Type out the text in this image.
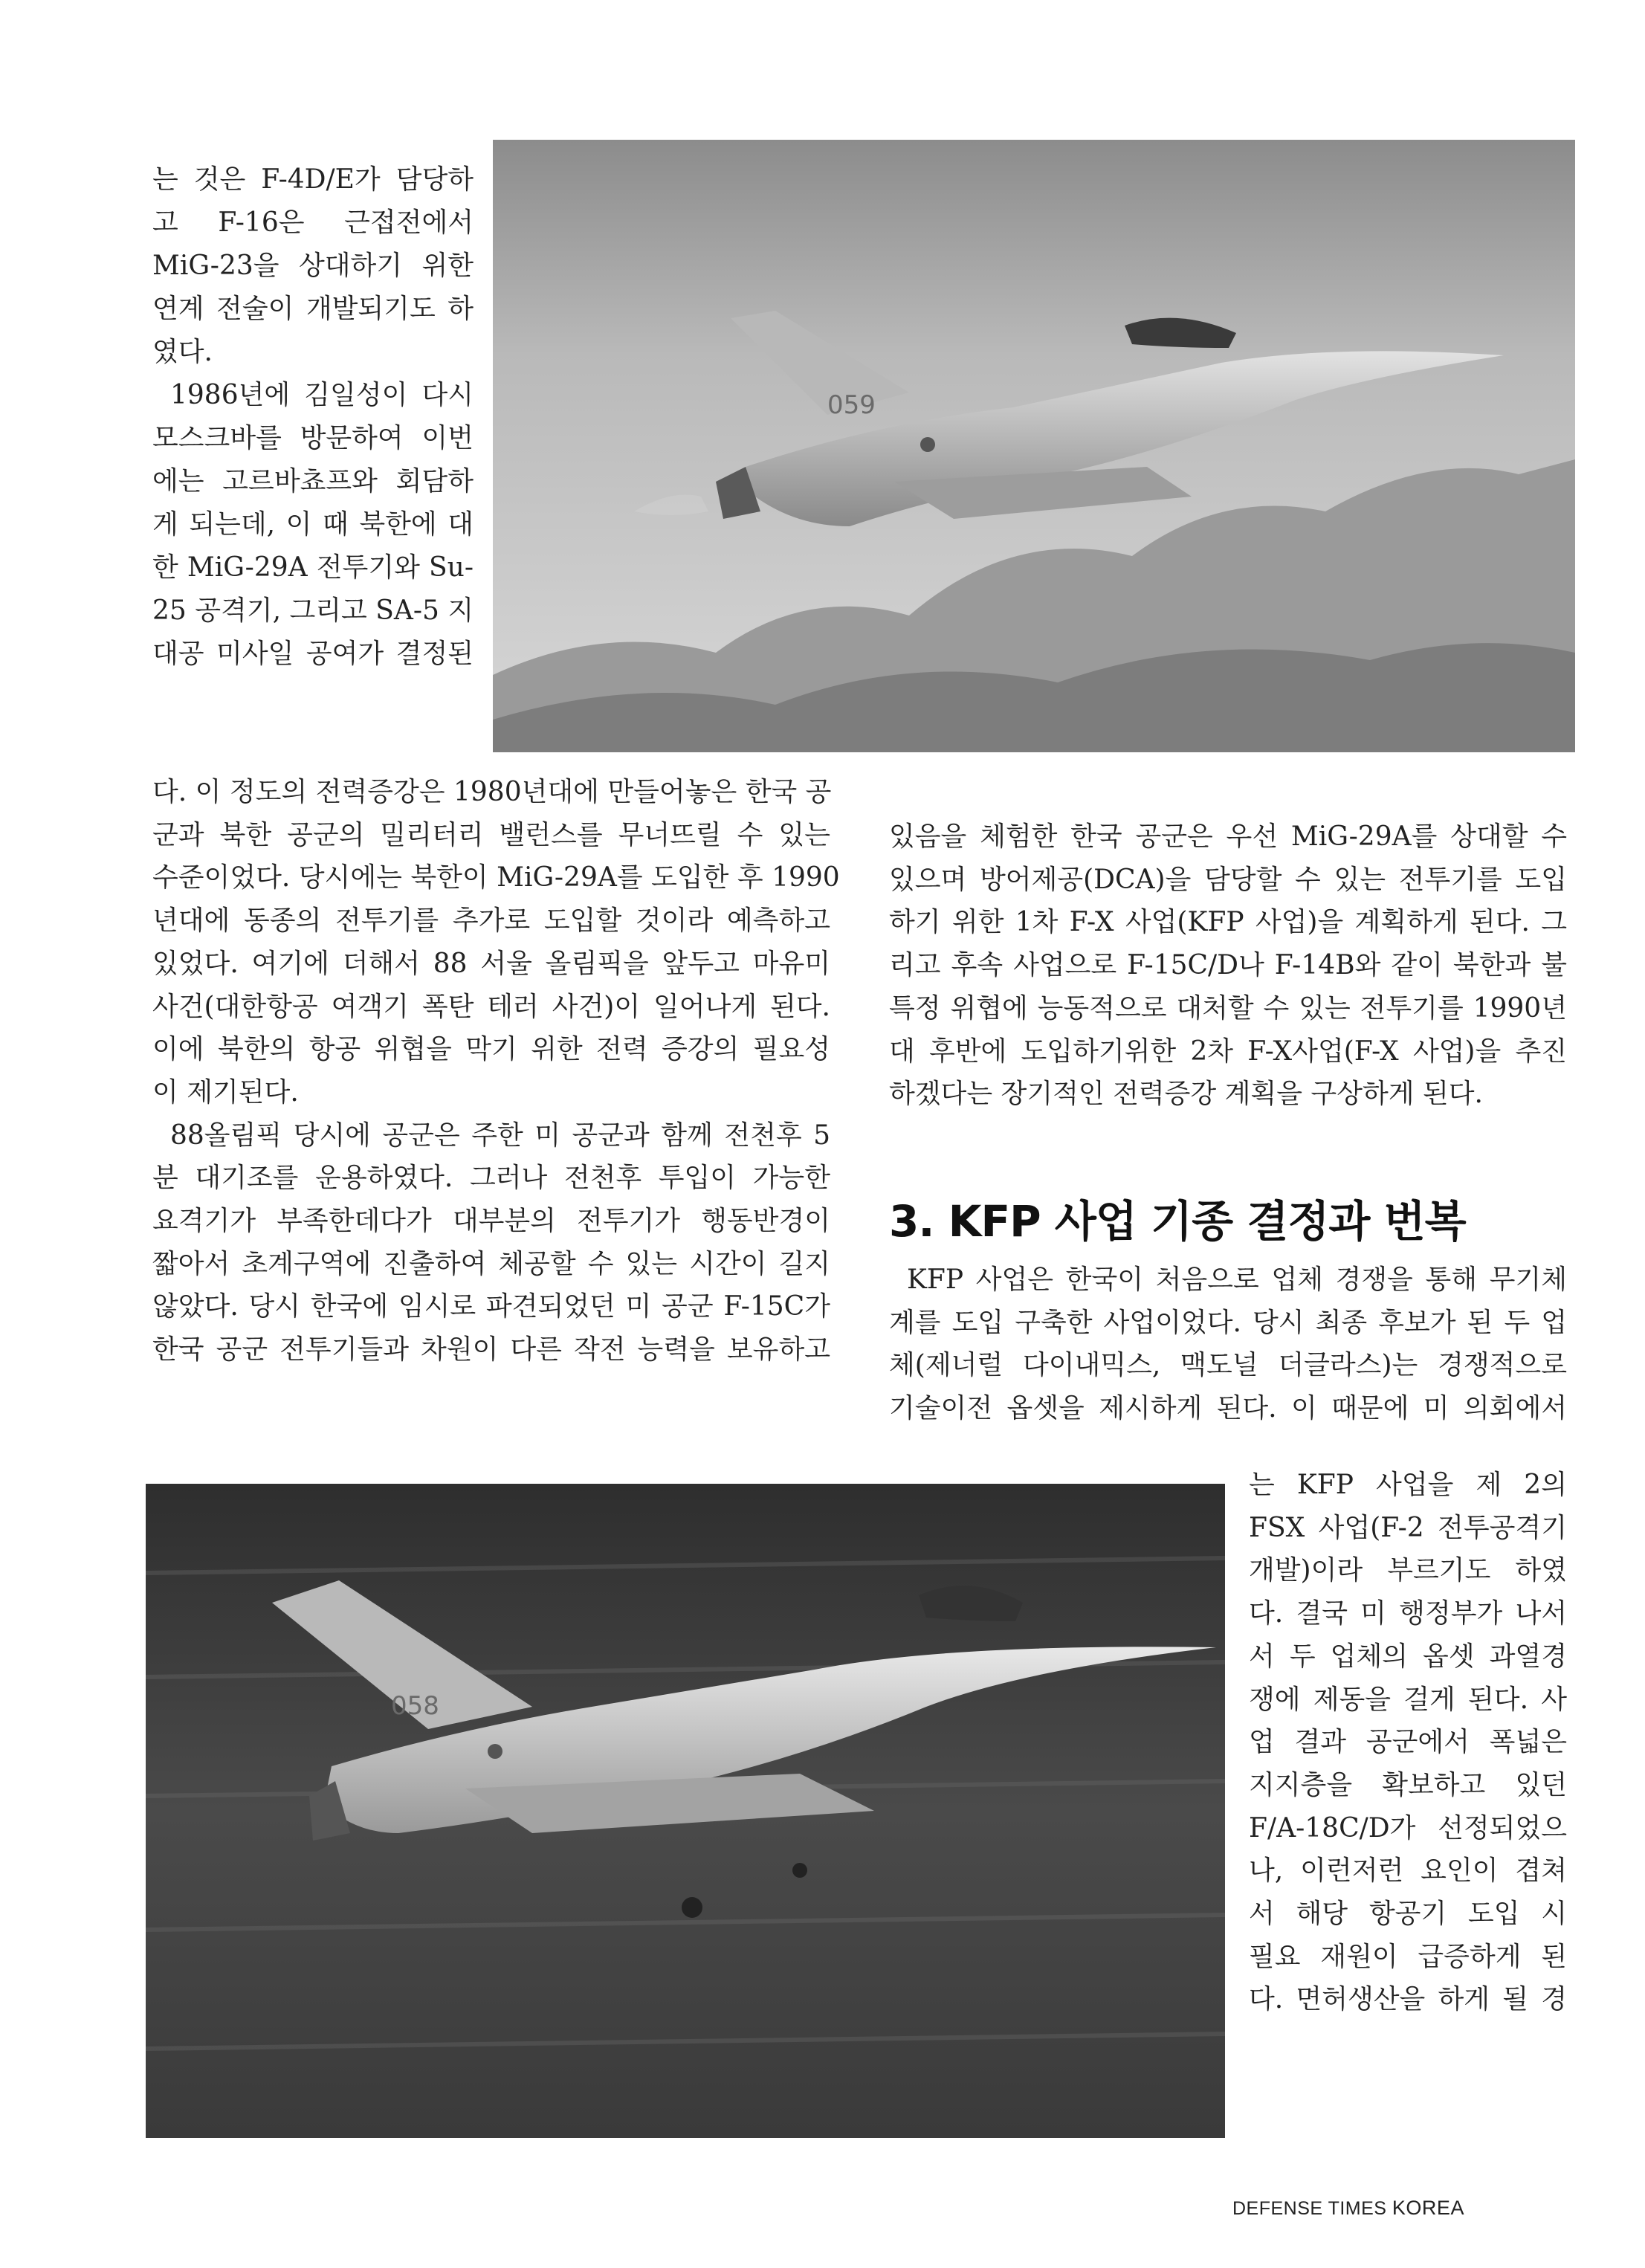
는 것은 F-4D/E가 담당하
고 F-16은 근접전에서
MiG-23을 상대하기 위한
연계 전술이 개발되기도 하
였다.
1986년에 김일성이 다시
모스크바를 방문하여 이번
에는 고르바쵸프와 회담하
게 되는데, 이 때 북한에 대
한 MiG-29A 전투기와 Su-
25 공격기, 그리고 SA-5 지
대공 미사일 공여가 결정된
다. 이 정도의 전력증강은 1980년대에 만들어놓은 한국 공
군과 북한 공군의 밀리터리 밸런스를 무너뜨릴 수 있는
수준이었다. 당시에는 북한이 MiG-29A를 도입한 후 1990
년대에 동종의 전투기를 추가로 도입할 것이라 예측하고
있었다. 여기에 더해서 88 서울 올림픽을 앞두고 마유미
사건(대한항공 여객기 폭탄 테러 사건)이 일어나게 된다.
이에 북한의 항공 위협을 막기 위한 전력 증강의 필요성
이 제기된다.
88올림픽 당시에 공군은 주한 미 공군과 함께 전천후 5
분 대기조를 운용하였다. 그러나 전천후 투입이 가능한
요격기가 부족한데다가 대부분의 전투기가 행동반경이
짧아서 초계구역에 진출하여 체공할 수 있는 시간이 길지
않았다. 당시 한국에 임시로 파견되었던 미 공군 F-15C가
한국 공군 전투기들과 차원이 다른 작전 능력을 보유하고
있음을 체험한 한국 공군은 우선 MiG-29A를 상대할 수
있으며 방어제공(DCA)을 담당할 수 있는 전투기를 도입
하기 위한 1차 F-X 사업(KFP 사업)을 계획하게 된다. 그
리고 후속 사업으로 F-15C/D나 F-14B와 같이 북한과 불
특정 위협에 능동적으로 대처할 수 있는 전투기를 1990년
대 후반에 도입하기위한 2차 F-X사업(F-X 사업)을 추진
하겠다는 장기적인 전력증강 계획을 구상하게 된다.
3. KFP 사업 기종 결정과 번복
KFP 사업은 한국이 처음으로 업체 경쟁을 통해 무기체
계를 도입 구축한 사업이었다. 당시 최종 후보가 된 두 업
체(제너럴 다이내믹스, 맥도널 더글라스)는 경쟁적으로
기술이전 옵셋을 제시하게 된다. 이 때문에 미 의회에서
는 KFP 사업을 제 2의
FSX 사업(F-2 전투공격기
개발)이라 부르기도 하였
다. 결국 미 행정부가 나서
서 두 업체의 옵셋 과열경
쟁에 제동을 걸게 된다. 사
업 결과 공군에서 폭넓은
지지층을 확보하고 있던
F/A-18C/D가 선정되었으
나, 이런저런 요인이 겹쳐
서 해당 항공기 도입 시
필요 재원이 급증하게 된
다. 면허생산을 하게 될 경
059
058
DEFENSE TIMES KOREA
